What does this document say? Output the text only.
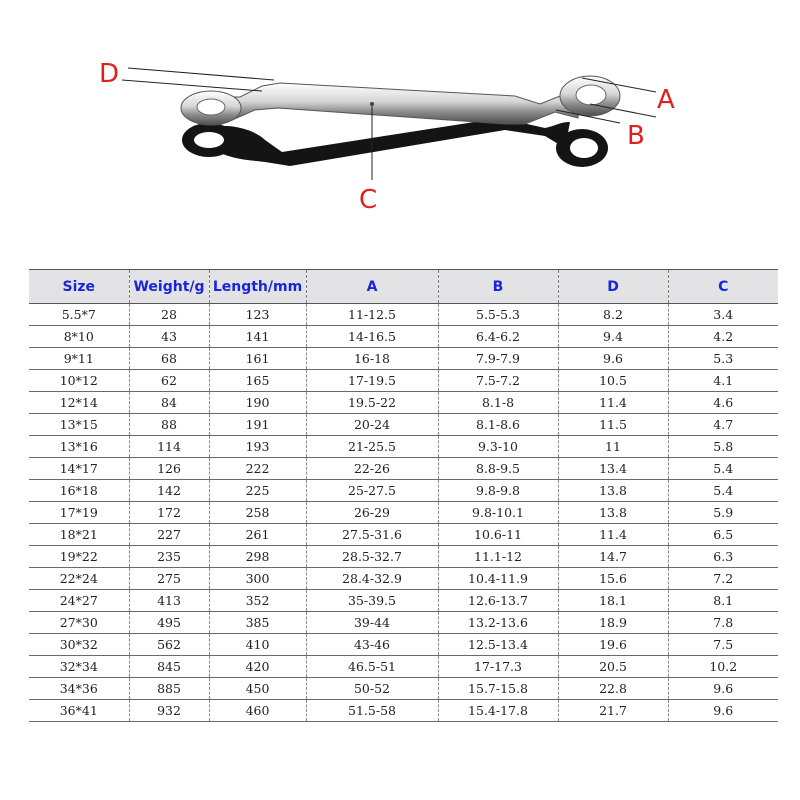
D
A
B
C
Size	Weight/g	Length/mm	A	B	D	C
5.5*7	28	123	11-12.5	5.5-5.3	8.2	3.4
8*10	43	141	14-16.5	6.4-6.2	9.4	4.2
9*11	68	161	16-18	7.9-7.9	9.6	5.3
10*12	62	165	17-19.5	7.5-7.2	10.5	4.1
12*14	84	190	19.5-22	8.1-8	11.4	4.6
13*15	88	191	20-24	8.1-8.6	11.5	4.7
13*16	114	193	21-25.5	9.3-10	11	5.8
14*17	126	222	22-26	8.8-9.5	13.4	5.4
16*18	142	225	25-27.5	9.8-9.8	13.8	5.4
17*19	172	258	26-29	9.8-10.1	13.8	5.9
18*21	227	261	27.5-31.6	10.6-11	11.4	6.5
19*22	235	298	28.5-32.7	11.1-12	14.7	6.3
22*24	275	300	28.4-32.9	10.4-11.9	15.6	7.2
24*27	413	352	35-39.5	12.6-13.7	18.1	8.1
27*30	495	385	39-44	13.2-13.6	18.9	7.8
30*32	562	410	43-46	12.5-13.4	19.6	7.5
32*34	845	420	46.5-51	17-17.3	20.5	10.2
34*36	885	450	50-52	15.7-15.8	22.8	9.6
36*41	932	460	51.5-58	15.4-17.8	21.7	9.6
